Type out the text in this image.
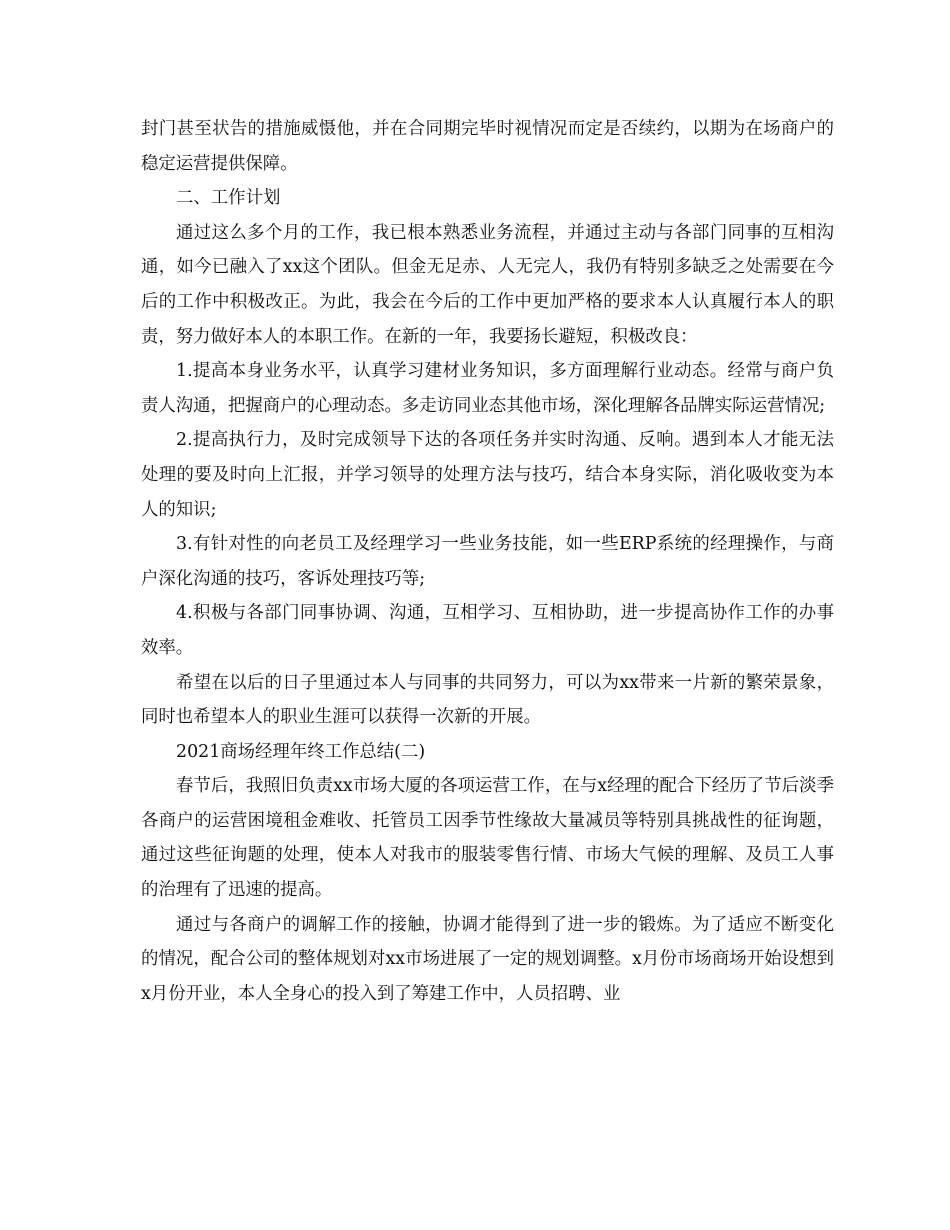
封门甚至状告的措施威慑他，并在合同期完毕时视情况而定是否续约，以期为在场商户的稳定运营提供保障。

二、工作计划

通过这么多个月的工作，我已根本熟悉业务流程，并通过主动与各部门同事的互相沟通，如今已融入了xx这个团队。但金无足赤、人无完人，我仍有特别多缺乏之处需要在今后的工作中积极改正。为此，我会在今后的工作中更加严格的要求本人认真履行本人的职责，努力做好本人的本职工作。在新的一年，我要扬长避短，积极改良：

1.提高本身业务水平，认真学习建材业务知识，多方面理解行业动态。经常与商户负责人沟通，把握商户的心理动态。多走访同业态其他市场，深化理解各品牌实际运营情况;

2.提高执行力，及时完成领导下达的各项任务并实时沟通、反响。遇到本人才能无法处理的要及时向上汇报，并学习领导的处理方法与技巧，结合本身实际，消化吸收变为本人的知识;

3.有针对性的向老员工及经理学习一些业务技能，如一些ERP系统的经理操作，与商户深化沟通的技巧，客诉处理技巧等;

4.积极与各部门同事协调、沟通，互相学习、互相协助，进一步提高协作工作的办事效率。

希望在以后的日子里通过本人与同事的共同努力，可以为xx带来一片新的繁荣景象，同时也希望本人的职业生涯可以获得一次新的开展。

2021商场经理年终工作总结(二)

春节后，我照旧负责xx市场大厦的各项运营工作，在与x经理的配合下经历了节后淡季各商户的运营困境租金难收、托管员工因季节性缘故大量减员等特别具挑战性的征询题，通过这些征询题的处理，使本人对我市的服装零售行情、市场大气候的理解、及员工人事的治理有了迅速的提高。

通过与各商户的调解工作的接触，协调才能得到了进一步的锻炼。为了适应不断变化的情况，配合公司的整体规划对xx市场进展了一定的规划调整。x月份市场商场开始设想到x月份开业，本人全身心的投入到了筹建工作中，人员招聘、业
